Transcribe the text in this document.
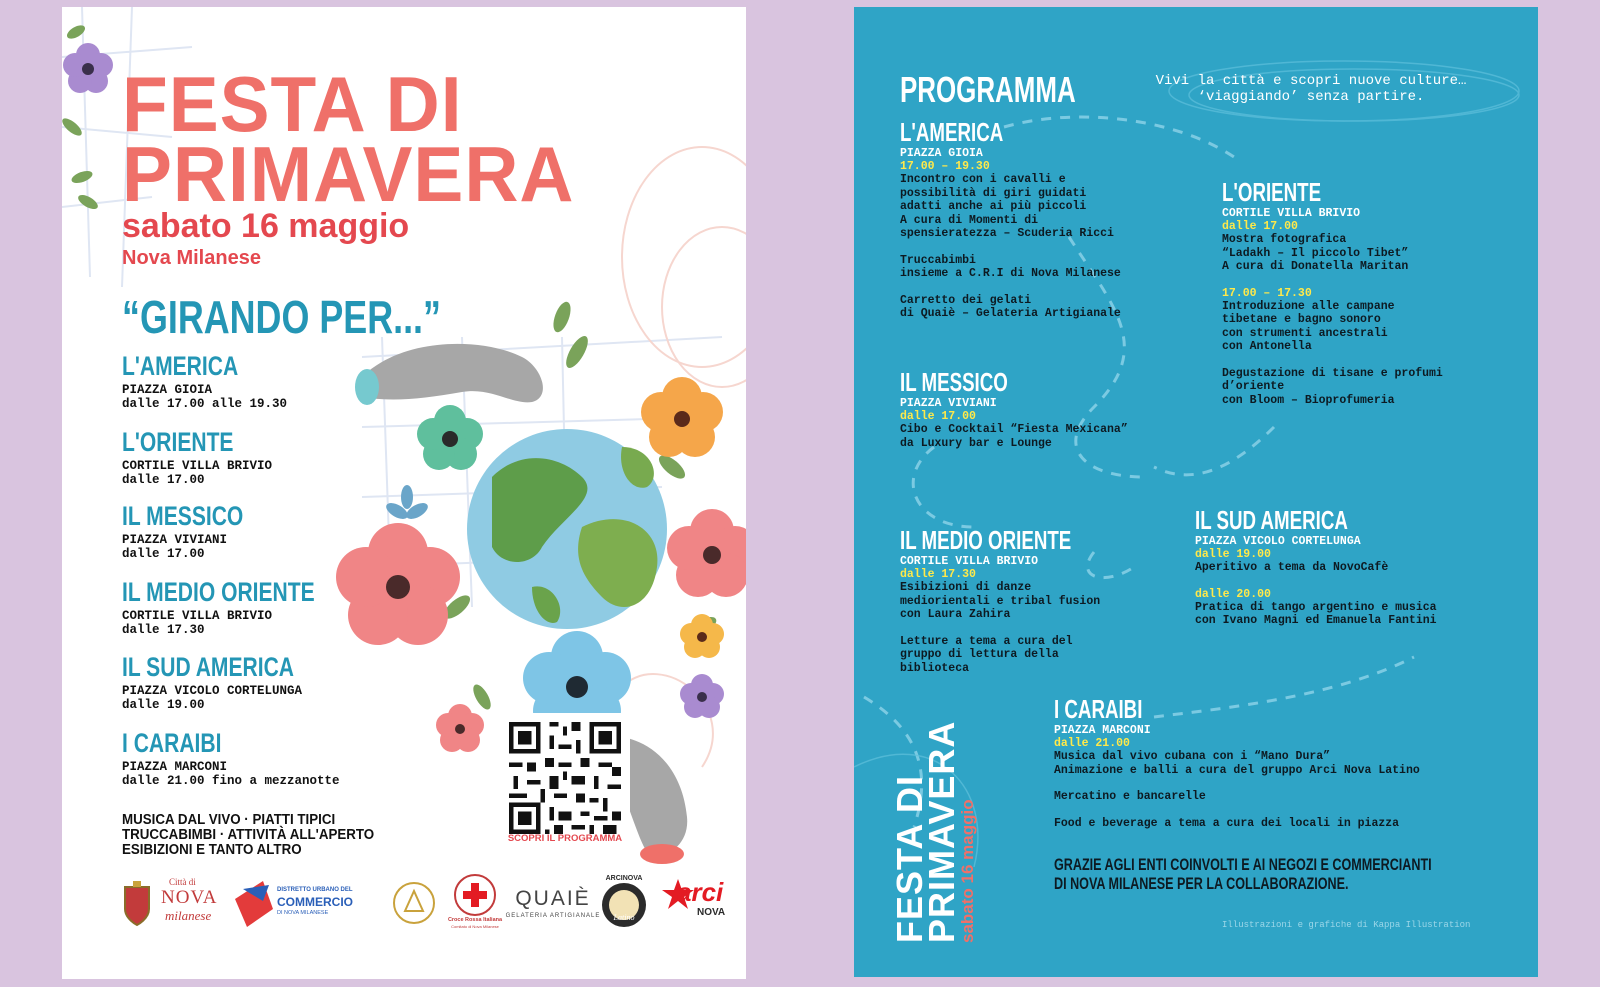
FESTA DI
PRIMAVERA
sabato 16 maggio
Nova Milanese
“GIRANDO PER...”
L'AMERICA
PIAZZA GIOIA
dalle 17.00 alle 19.30
L'ORIENTE
CORTILE VILLA BRIVIO
dalle 17.00
IL MESSICO
PIAZZA VIVIANI
dalle 17.00
IL MEDIO ORIENTE
CORTILE VILLA BRIVIO
dalle 17.30
IL SUD AMERICA
PIAZZA VICOLO CORTELUNGA
dalle 19.00
I CARAIBI
PIAZZA MARCONI
dalle 21.00 fino a mezzanotte
MUSICA DAL VIVO · PIATTI TIPICI
TRUCCABIMBI · ATTIVITÀ ALL'APERTO
ESIBIZIONI E TANTO ALTRO
SCOPRI IL PROGRAMMA
Città di
NOVA
milanese
DISTRETTO URBANO DEL
COMMERCIO
DI NOVA MILANESE
Croce Rossa Italiana
Comitato di Nova Milanese
QUAIÈ
GELATERIA ARTIGIANALE
ARCINOVA
Latino
arci
NOVA
PROGRAMMA	Vivi la città e scopri nuove culture…
‘viaggiando’ senza partire.
L'AMERICA
PIAZZA GIOIA
17.00 – 19.30
Incontro con i cavalli e
possibilità di giri guidati
adatti anche ai più piccoli
A cura di Momenti di
spensieratezza – Scuderia Ricci
Truccabimbi
insieme a C.R.I di Nova Milanese
Carretto dei gelati
di Quaiè – Gelateria Artigianale
L'ORIENTE
CORTILE VILLA BRIVIO
dalle 17.00
Mostra fotografica
“Ladakh – Il piccolo Tibet”
A cura di Donatella Maritan
17.00 – 17.30
Introduzione alle campane
tibetane e bagno sonoro
con strumenti ancestrali
con Antonella
Degustazione di tisane e profumi
d’oriente
con Bloom – Bioprofumeria
IL MESSICO
PIAZZA VIVIANI
dalle 17.00
Cibo e Cocktail “Fiesta Mexicana”
da Luxury bar e Lounge
IL MEDIO ORIENTE
CORTILE VILLA BRIVIO
dalle 17.30
Esibizioni di danze
mediorientali e tribal fusion
con Laura Zahira
Letture a tema a cura del
gruppo di lettura della
biblioteca
IL SUD AMERICA
PIAZZA VICOLO CORTELUNGA
dalle 19.00
Aperitivo a tema da NovoCafè
dalle 20.00
Pratica di tango argentino e musica
con Ivano Magni ed Emanuela Fantini
I CARAIBI
PIAZZA MARCONI
dalle 21.00
Musica dal vivo cubana con i “Mano Dura”
Animazione e balli a cura del gruppo Arci Nova Latino
Mercatino e bancarelle
Food e beverage a tema a cura dei locali in piazza
GRAZIE AGLI ENTI COINVOLTI E AI NEGOZI E COMMERCIANTI
DI NOVA MILANESE PER LA COLLABORAZIONE.
Illustrazioni e grafiche di Kappa Illustration
FESTA DI
PRIMAVERA
sabato 16 maggio
